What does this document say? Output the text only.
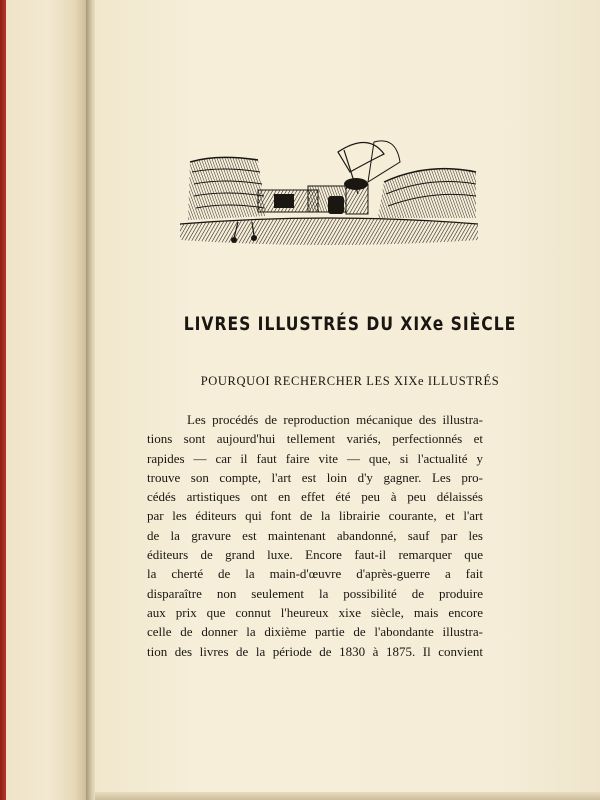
LIVRES ILLUSTRÉS DU XIXe SIÈCLE
POURQUOI RECHERCHER LES XIXe ILLUSTRÉS
Les procédés de reproduction mécanique des illustra-
tions sont aujourd'hui tellement variés, perfectionnés et
rapides — car il faut faire vite — que, si l'actualité y
trouve son compte, l'art est loin d'y gagner. Les pro-
cédés artistiques ont en effet été peu à peu délaissés
par les éditeurs qui font de la librairie courante, et l'art
de la gravure est maintenant abandonné, sauf par les
éditeurs de grand luxe. Encore faut-il remarquer que
la cherté de la main-d'œuvre d'après-guerre a fait
disparaître non seulement la possibilité de produire
aux prix que connut l'heureux xixe siècle, mais encore
celle de donner la dixième partie de l'abondante illustra-
tion des livres de la période de 1830 à 1875. Il convient
